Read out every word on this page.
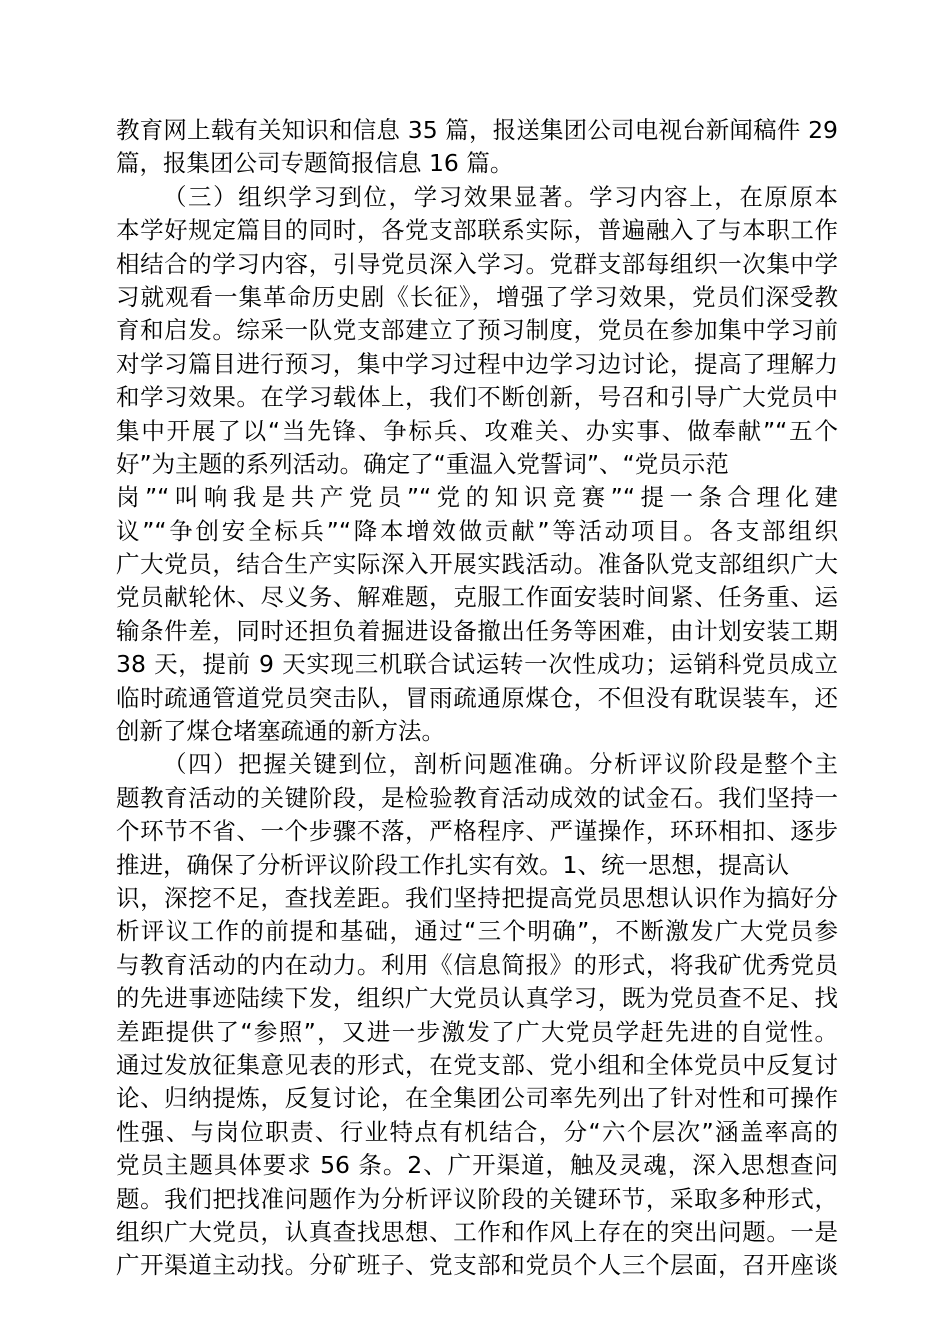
教育网上载有关知识和信息 35 篇，报送集团公司电视台新闻稿件 29
篇，报集团公司专题简报信息 16 篇。
（三）组织学习到位，学习效果显著。学习内容上，在原原本
本学好规定篇目的同时，各党支部联系实际，普遍融入了与本职工作
相结合的学习内容，引导党员深入学习。党群支部每组织一次集中学
习就观看一集革命历史剧《长征》，增强了学习效果，党员们深受教
育和启发。综采一队党支部建立了预习制度，党员在参加集中学习前
对学习篇目进行预习，集中学习过程中边学习边讨论，提高了理解力
和学习效果。在学习载体上，我们不断创新，号召和引导广大党员中
集中开展了以“当先锋、争标兵、攻难关、办实事、做奉献”“五个
好”为主题的系列活动。确定了“重温入党誓词”、“党员示范
岗”“叫响我是共产党员”“党的知识竞赛”“提一条合理化建
议”“争创安全标兵”“降本增效做贡献”等活动项目。各支部组织
广大党员，结合生产实际深入开展实践活动。准备队党支部组织广大
党员献轮休、尽义务、解难题，克服工作面安装时间紧、任务重、运
输条件差，同时还担负着掘进设备撤出任务等困难，由计划安装工期
38 天，提前 9 天实现三机联合试运转一次性成功；运销科党员成立
临时疏通管道党员突击队，冒雨疏通原煤仓，不但没有耽误装车，还
创新了煤仓堵塞疏通的新方法。
（四）把握关键到位，剖析问题准确。分析评议阶段是整个主
题教育活动的关键阶段，是检验教育活动成效的试金石。我们坚持一
个环节不省、一个步骤不落，严格程序、严谨操作，环环相扣、逐步
推进，确保了分析评议阶段工作扎实有效。1、统一思想，提高认
识，深挖不足，查找差距。我们坚持把提高党员思想认识作为搞好分
析评议工作的前提和基础，通过“三个明确”，不断激发广大党员参
与教育活动的内在动力。利用《信息简报》的形式，将我矿优秀党员
的先进事迹陆续下发，组织广大党员认真学习，既为党员查不足、找
差距提供了“参照”，又进一步激发了广大党员学赶先进的自觉性。
通过发放征集意见表的形式，在党支部、党小组和全体党员中反复讨
论、归纳提炼，反复讨论，在全集团公司率先列出了针对性和可操作
性强、与岗位职责、行业特点有机结合，分“六个层次”涵盖率高的
党员主题具体要求 56 条。2、广开渠道，触及灵魂，深入思想查问
题。我们把找准问题作为分析评议阶段的关键环节，采取多种形式，
组织广大党员，认真查找思想、工作和作风上存在的突出问题。一是
广开渠道主动找。分矿班子、党支部和党员个人三个层面，召开座谈
